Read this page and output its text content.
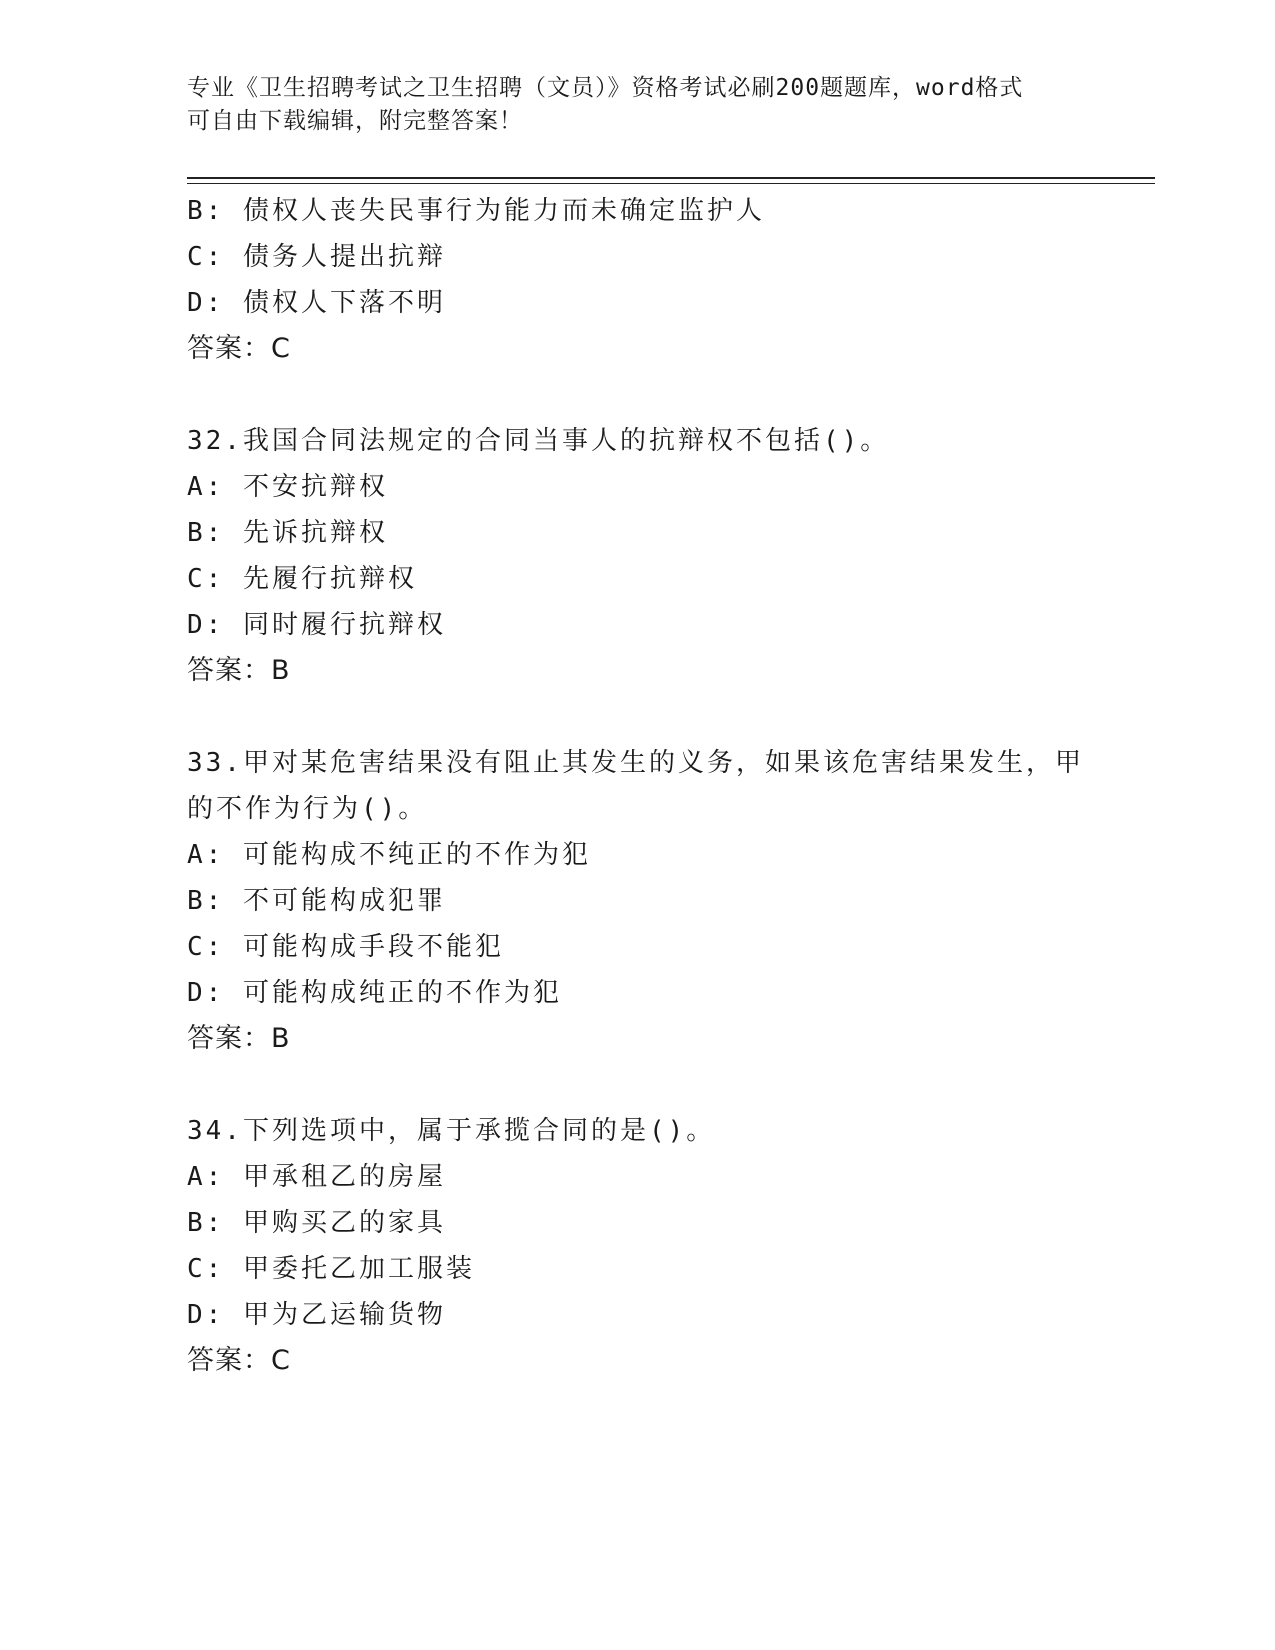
专业《卫生招聘考试之卫生招聘（文员）》资格考试必刷200题题库，word格式
可自由下载编辑，附完整答案！
B: 债权人丧失民事行为能力而未确定监护人
C: 债务人提出抗辩
D: 债权人下落不明
答案：C
32.我国合同法规定的合同当事人的抗辩权不包括()。
A: 不安抗辩权
B: 先诉抗辩权
C: 先履行抗辩权
D: 同时履行抗辩权
答案：B
33.甲对某危害结果没有阻止其发生的义务，如果该危害结果发生，甲
的不作为行为()。
A: 可能构成不纯正的不作为犯
B: 不可能构成犯罪
C: 可能构成手段不能犯
D: 可能构成纯正的不作为犯
答案：B
34.下列选项中，属于承揽合同的是()。
A: 甲承租乙的房屋
B: 甲购买乙的家具
C: 甲委托乙加工服装
D: 甲为乙运输货物
答案：C
